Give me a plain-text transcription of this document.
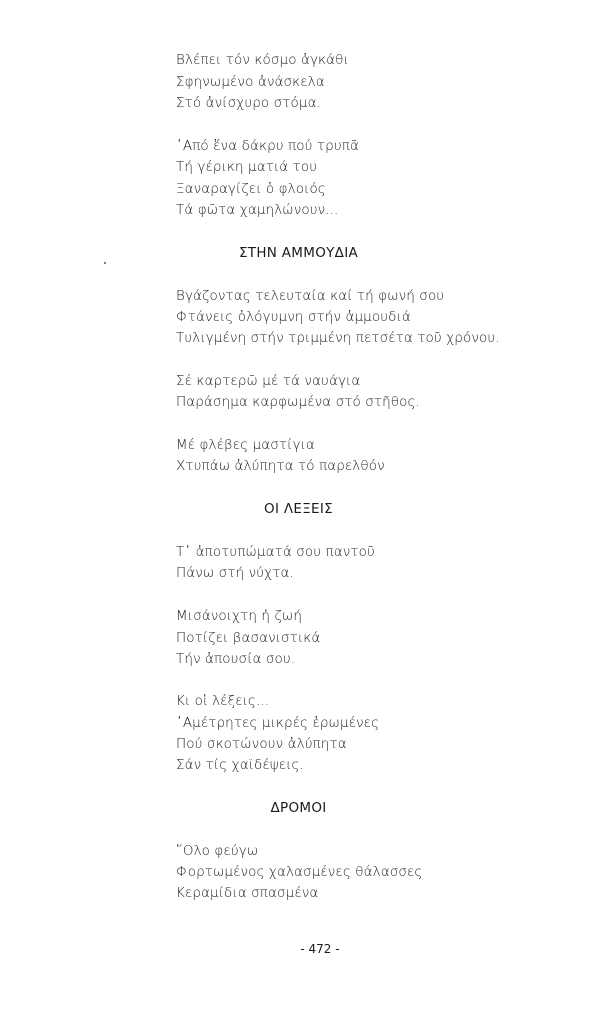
Βλέπει τόν κόσμο ἀγκάθι
Σφηνωμένο ἀνάσκελα
Στό ἀνίσχυρο στόμα.
᾿Από ἕνα δάκρυ πού τρυπᾶ
Τή γέρικη ματιά του
Ξαναραγίζει ὁ φλοιός
Τά φῶτα χαμηλώνουν...
ΣΤΗΝ ΑΜΜΟΥΔΙΑ
Βγάζοντας τελευταία καί τή φωνή σου
Φτάνεις ὁλόγυμνη στήν ἀμμουδιά
Τυλιγμένη στήν τριμμένη πετσέτα τοῦ χρόνου.
Σέ καρτερῶ μέ τά ναυάγια
Παράσημα καρφωμένα στό στῆθος.
Μέ φλέβες μαστίγια
Χτυπάω ἀλύπητα τό παρελθόν
ΟΙ ΛΕΞΕΙΣ
Τ᾿ ἀποτυπώματά σου παντοῦ
Πάνω στή νύχτα.
Μισάνοιχτη ἡ ζωή
Ποτίζει βασανιστικά
Τήν ἀπουσία σου.
Κι οἱ λέξεις...
᾿Αμέτρητες μικρές ἐρωμένες
Πού σκοτώνουν ἀλύπητα
Σάν τίς χαϊδέψεις.
ΔΡΟΜΟΙ
῞Ολο φεύγω
Φορτωμένος χαλασμένες θάλασσες
Κεραμίδια σπασμένα
- 472 -
